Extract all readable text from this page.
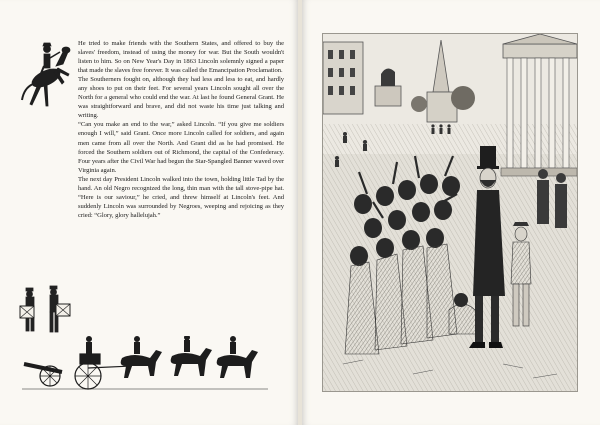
He tried to make friends with the Southern States, and offered to buy the slaves' freedom, instead of using the money for war. But the South wouldn't listen to him. So on New Year's Day in 1863 Lincoln solemnly signed a paper that made the slaves free forever. It was called the Emancipation Proclamation.

The Southerners fought on, although they had less and less to eat, and hardly any shoes to put on their feet. For several years Lincoln sought all over the North for a general who could end the war. At last he found General Grant. He was straightforward and brave, and did not waste his time just talking and writing.

“Can you make an end to the war,” asked Lincoln. “If you give me soldiers enough I will,” said Grant. Once more Lincoln called for soldiers, and again men came from all over the North. And Grant did as he had promised. He forced the Southern soldiers out of Richmond, the capital of the Confederacy. Four years after the Civil War had begun the Star-Spangled Banner waved over Virginia again.

The next day President Lincoln walked into the town, holding little Tad by the hand. An old Negro recognized the long, thin man with the tall stove-pipe hat. “Here is our saviour,” he cried, and threw himself at Lincoln's feet. And suddenly Lincoln was surrounded by Negroes, weeping and rejoicing as they cried: “Glory, glory hallelujah.”
